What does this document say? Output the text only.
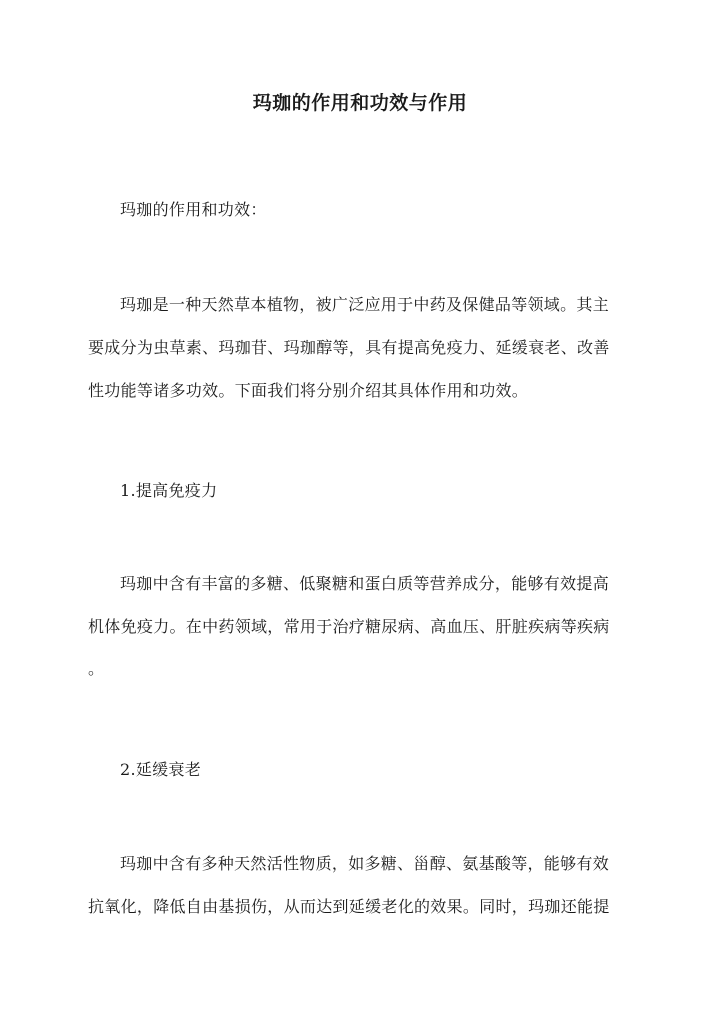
玛珈的作用和功效与作用
玛珈的作用和功效：
玛珈是一种天然草本植物，被广泛应用于中药及保健品等领域。其主
要成分为虫草素、玛珈苷、玛珈醇等，具有提高免疫力、延缓衰老、改善
性功能等诸多功效。下面我们将分别介绍其具体作用和功效。
1.提高免疫力
玛珈中含有丰富的多糖、低聚糖和蛋白质等营养成分，能够有效提高
机体免疫力。在中药领域，常用于治疗糖尿病、高血压、肝脏疾病等疾病
。
2.延缓衰老
玛珈中含有多种天然活性物质，如多糖、甾醇、氨基酸等，能够有效
抗氧化，降低自由基损伤，从而达到延缓老化的效果。同时，玛珈还能提
